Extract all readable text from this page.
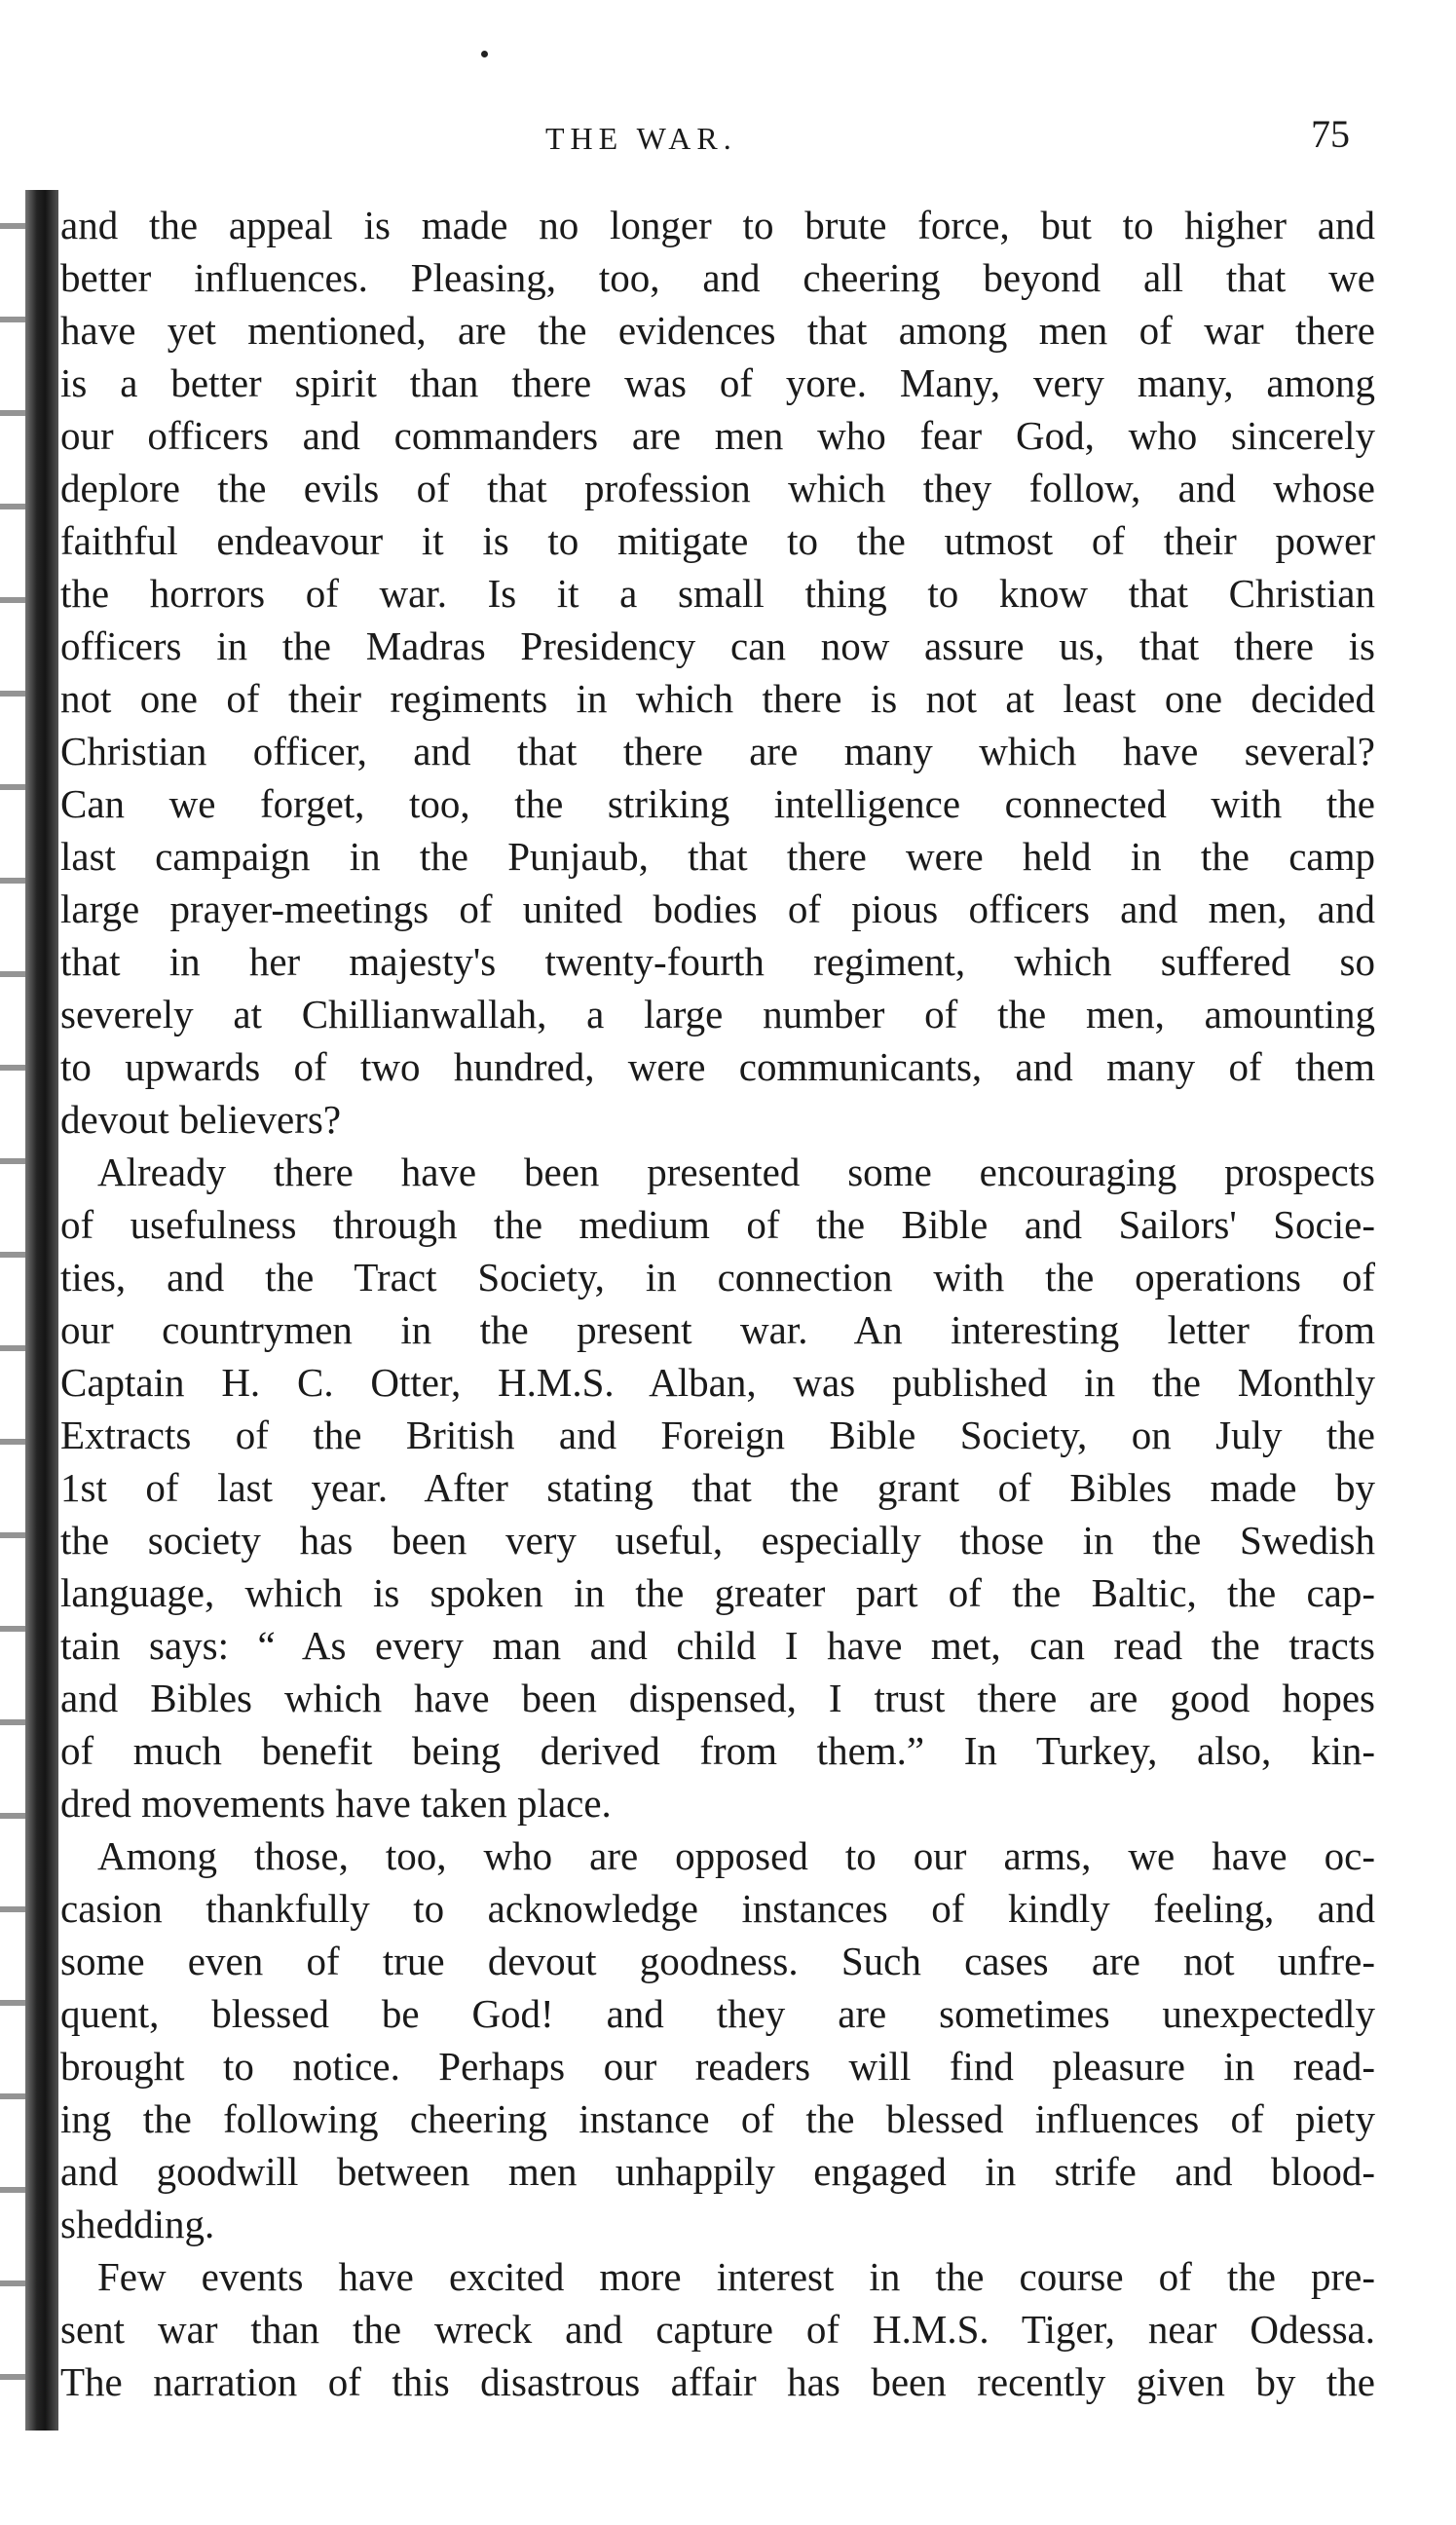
THE WAR.	75
and the appeal is made no longer to brute force, but to higher and
better influences. Pleasing, too, and cheering beyond all that we
have yet mentioned, are the evidences that among men of war there
is a better spirit than there was of yore. Many, very many, among
our officers and commanders are men who fear God, who sincerely
deplore the evils of that profession which they follow, and whose
faithful endeavour it is to mitigate to the utmost of their power
the horrors of war. Is it a small thing to know that Christian
officers in the Madras Presidency can now assure us, that there is
not one of their regiments in which there is not at least one decided
Christian officer, and that there are many which have several?
Can we forget, too, the striking intelligence connected with the
last campaign in the Punjaub, that there were held in the camp
large prayer-meetings of united bodies of pious officers and men, and
that in her majesty's twenty-fourth regiment, which suffered so
severely at Chillianwallah, a large number of the men, amounting
to upwards of two hundred, were communicants, and many of them
devout believers?
Already there have been presented some encouraging prospects
of usefulness through the medium of the Bible and Sailors' Socie-
ties, and the Tract Society, in connection with the operations of
our countrymen in the present war. An interesting letter from
Captain H. C. Otter, H.M.S. Alban, was published in the Monthly
Extracts of the British and Foreign Bible Society, on July the
1st of last year. After stating that the grant of Bibles made by
the society has been very useful, especially those in the Swedish
language, which is spoken in the greater part of the Baltic, the cap-
tain says: “ As every man and child I have met, can read the tracts
and Bibles which have been dispensed, I trust there are good hopes
of much benefit being derived from them.” In Turkey, also, kin-
dred movements have taken place.
Among those, too, who are opposed to our arms, we have oc-
casion thankfully to acknowledge instances of kindly feeling, and
some even of true devout goodness. Such cases are not unfre-
quent, blessed be God! and they are sometimes unexpectedly
brought to notice. Perhaps our readers will find pleasure in read-
ing the following cheering instance of the blessed influences of piety
and goodwill between men unhappily engaged in strife and blood-
shedding.
Few events have excited more interest in the course of the pre-
sent war than the wreck and capture of H.M.S. Tiger, near Odessa.
The narration of this disastrous affair has been recently given by the
